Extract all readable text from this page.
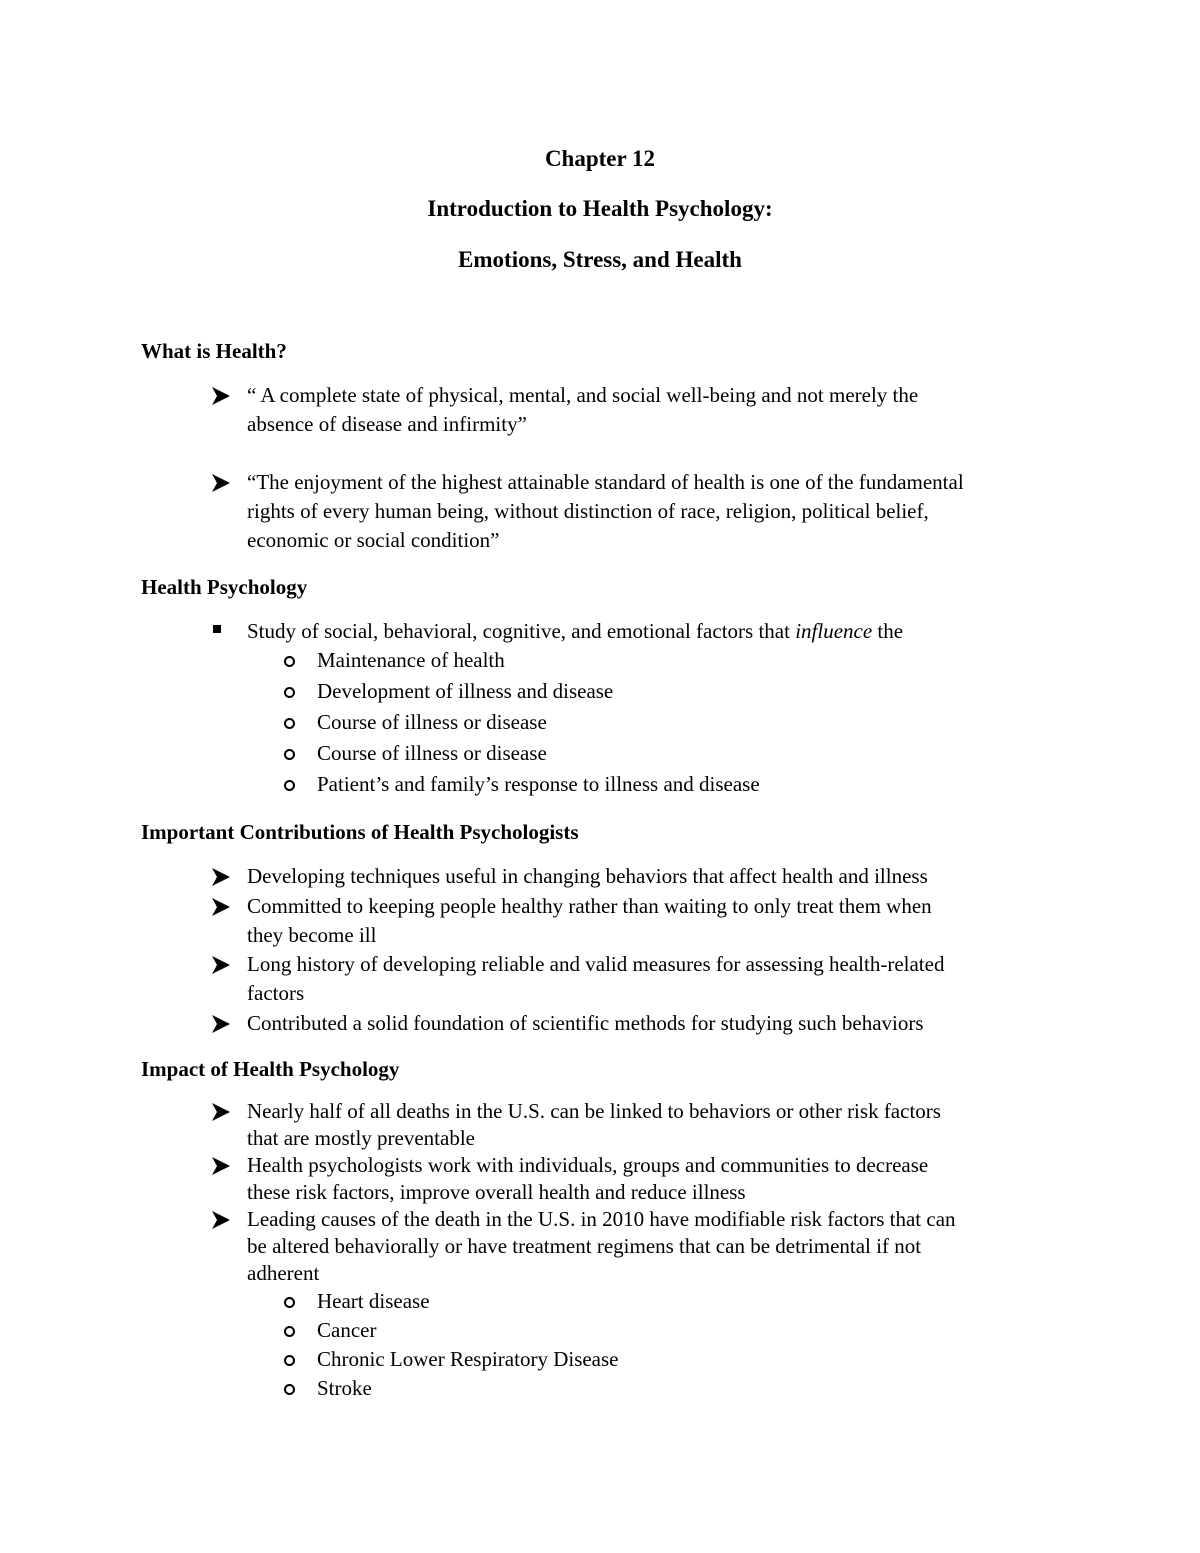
Chapter 12
Introduction to Health Psychology:
Emotions, Stress, and Health
What is Health?
“ A complete state of physical, mental, and social well-being and not merely the
absence of disease and infirmity”
“The enjoyment of the highest attainable standard of health is one of the fundamental
rights of every human being, without distinction of race, religion, political belief,
economic or social condition”
Health Psychology
Study of social, behavioral, cognitive, and emotional factors that influence the
Maintenance of health
Development of illness and disease
Course of illness or disease
Course of illness or disease
Patient’s and family’s response to illness and disease
Important Contributions of Health Psychologists
Developing techniques useful in changing behaviors that affect health and illness
Committed to keeping people healthy rather than waiting to only treat them when
they become ill
Long history of developing reliable and valid measures for assessing health-related
factors
Contributed a solid foundation of scientific methods for studying such behaviors
Impact of Health Psychology
Nearly half of all deaths in the U.S. can be linked to behaviors or other risk factors
that are mostly preventable
Health psychologists work with individuals, groups and communities to decrease
these risk factors, improve overall health and reduce illness
Leading causes of the death in the U.S. in 2010 have modifiable risk factors that can
be altered behaviorally or have treatment regimens that can be detrimental if not
adherent
Heart disease
Cancer
Chronic Lower Respiratory Disease
Stroke
